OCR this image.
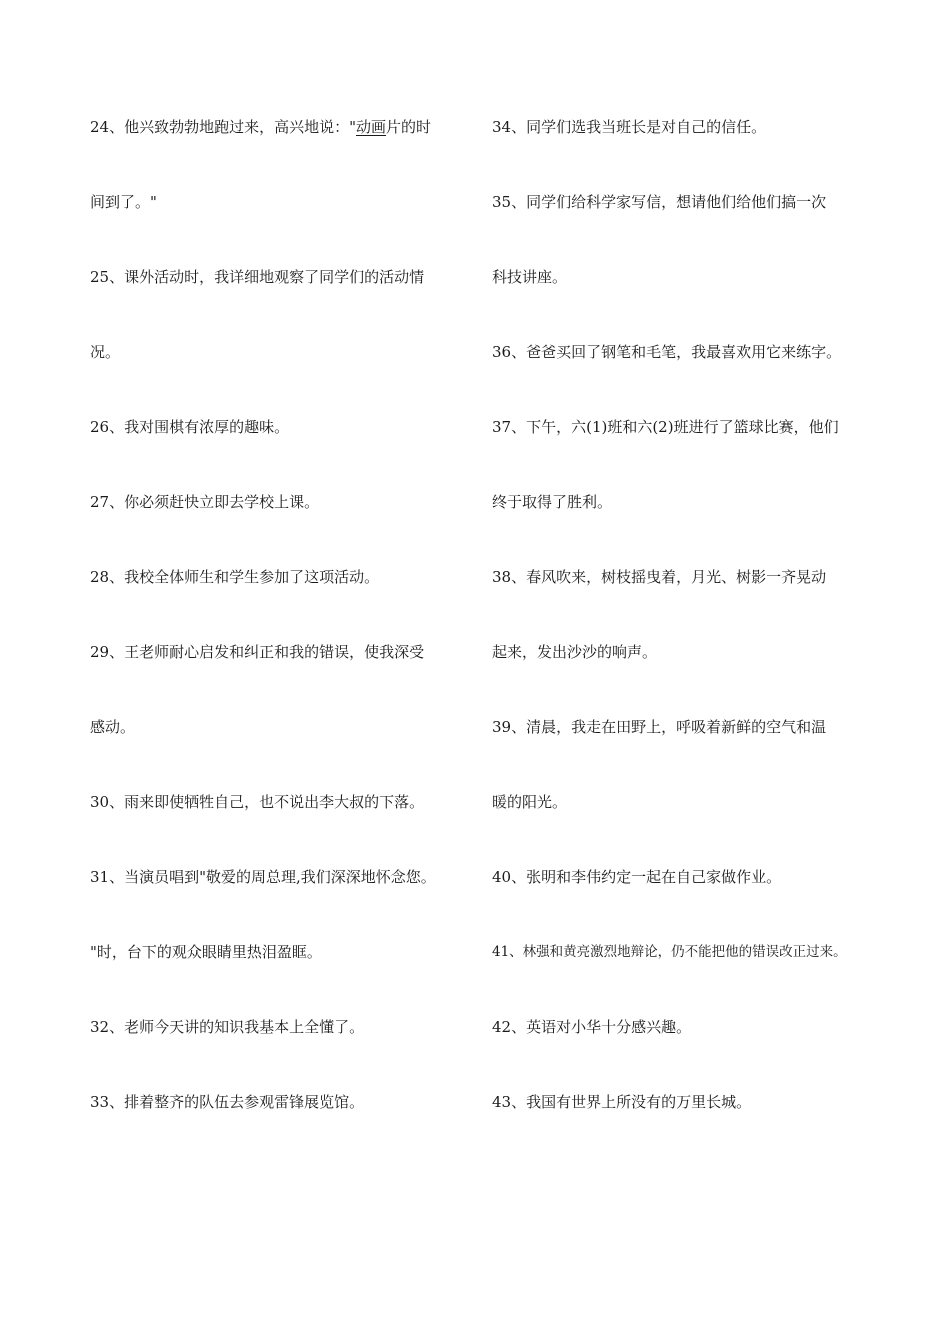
24、他兴致勃勃地跑过来，高兴地说："动画片的时
间到了。"
25、课外活动时，我详细地观察了同学们的活动情
况。
26、我对围棋有浓厚的趣味。
27、你必须赶快立即去学校上课。
28、我校全体师生和学生参加了这项活动。
29、王老师耐心启发和纠正和我的错误，使我深受
感动。
30、雨来即使牺牲自己，也不说出李大叔的下落。
31、当演员唱到"敬爱的周总理,我们深深地怀念您。
"时，台下的观众眼睛里热泪盈眶。
32、老师今天讲的知识我基本上全懂了。
33、排着整齐的队伍去参观雷锋展览馆。
34、同学们选我当班长是对自己的信任。
35、同学们给科学家写信，想请他们给他们搞一次
科技讲座。
36、爸爸买回了钢笔和毛笔，我最喜欢用它来练字。
37、下午，六(1)班和六(2)班进行了篮球比赛，他们
终于取得了胜利。
38、春风吹来，树枝摇曳着，月光、树影一齐晃动
起来，发出沙沙的响声。
39、清晨，我走在田野上，呼吸着新鲜的空气和温
暖的阳光。
40、张明和李伟约定一起在自己家做作业。
41、林强和黄亮激烈地辩论，仍不能把他的错误改正过来。
42、英语对小华十分感兴趣。
43、我国有世界上所没有的万里长城。
